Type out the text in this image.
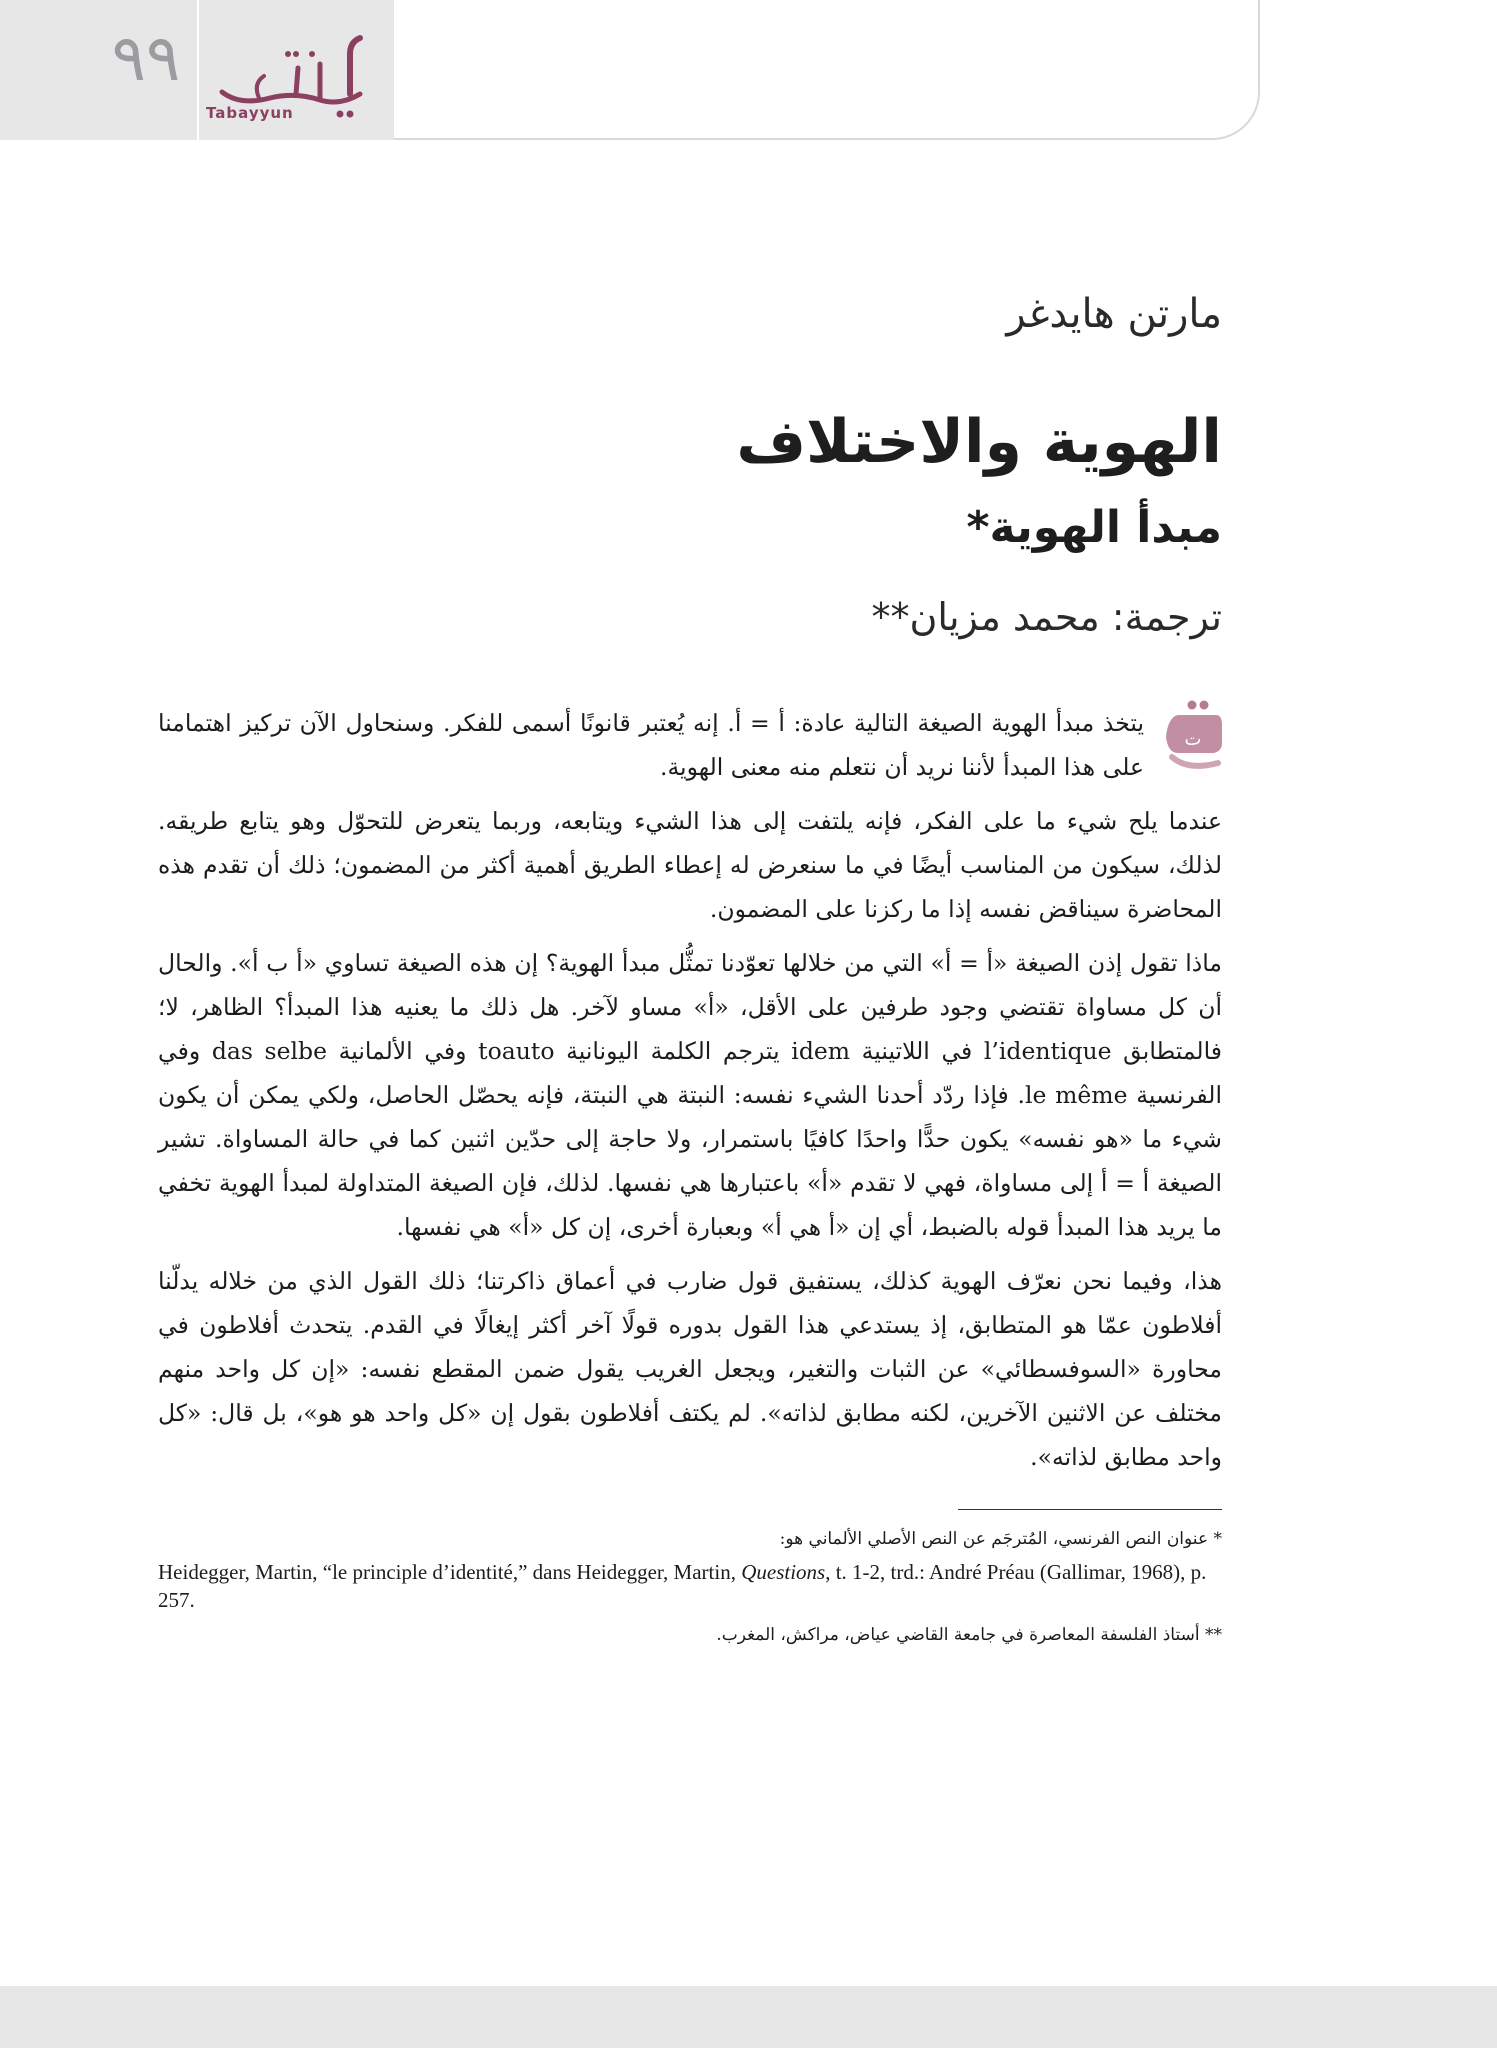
٩٩
Tabayyun
مارتن هايدغر
الهوية والاختلاف
مبدأ الهوية*
ترجمة: محمد مزيان**
ت

يتخذ مبدأ الهوية الصيغة التالية عادة: أ = أ. إنه يُعتبر قانونًا أسمى للفكر. وسنحاول الآن تركيز اهتمامنا على هذا المبدأ لأننا نريد أن نتعلم منه معنى الهوية.

عندما يلح شيء ما على الفكر، فإنه يلتفت إلى هذا الشيء ويتابعه، وربما يتعرض للتحوّل وهو يتابع طريقه. لذلك، سيكون من المناسب أيضًا في ما سنعرض له إعطاء الطريق أهمية أكثر من المضمون؛ ذلك أن تقدم هذه المحاضرة سيناقض نفسه إذا ما ركزنا على المضمون.

ماذا تقول إذن الصيغة «أ = أ» التي من خلالها تعوّدنا تمثُّل مبدأ الهوية؟ إن هذه الصيغة تساوي «أ ب أ». والحال أن كل مساواة تقتضي وجود طرفين على الأقل، «أ» مساو لآخر. هل ذلك ما يعنيه هذا المبدأ؟ الظاهر، لا؛ فالمتطابق l’identique في اللاتينية idem يترجم الكلمة اليونانية toauto وفي الألمانية das selbe وفي الفرنسية le même. فإذا ردّد أحدنا الشيء نفسه: النبتة هي النبتة، فإنه يحصّل الحاصل، ولكي يمكن أن يكون شيء ما «هو نفسه» يكون حدًّا واحدًا كافيًا باستمرار، ولا حاجة إلى حدّين اثنين كما في حالة المساواة. تشير الصيغة أ = أ إلى مساواة، فهي لا تقدم «أ» باعتبارها هي نفسها. لذلك، فإن الصيغة المتداولة لمبدأ الهوية تخفي ما يريد هذا المبدأ قوله بالضبط، أي إن «أ هي أ» وبعبارة أخرى، إن كل «أ» هي نفسها.

هذا، وفيما نحن نعرّف الهوية كذلك، يستفيق قول ضارب في أعماق ذاكرتنا؛ ذلك القول الذي من خلاله يدلّنا أفلاطون عمّا هو المتطابق، إذ يستدعي هذا القول بدوره قولًا آخر أكثر إيغالًا في القدم. يتحدث أفلاطون في محاورة «السوفسطائي» عن الثبات والتغير، ويجعل الغريب يقول ضمن المقطع نفسه: «إن كل واحد منهم مختلف عن الاثنين الآخرين، لكنه مطابق لذاته». لم يكتف أفلاطون بقول إن «كل واحد هو هو»، بل قال: «كل واحد مطابق لذاته».

* عنوان النص الفرنسي، المُترجَم عن النص الأصلي الألماني هو:

Heidegger, Martin, “le principle d’identité,” dans Heidegger, Martin, Questions, t. 1-2, trd.: André Préau (Gallimar, 1968), p. 257.

** أستاذ الفلسفة المعاصرة في جامعة القاضي عياض، مراكش، المغرب.
